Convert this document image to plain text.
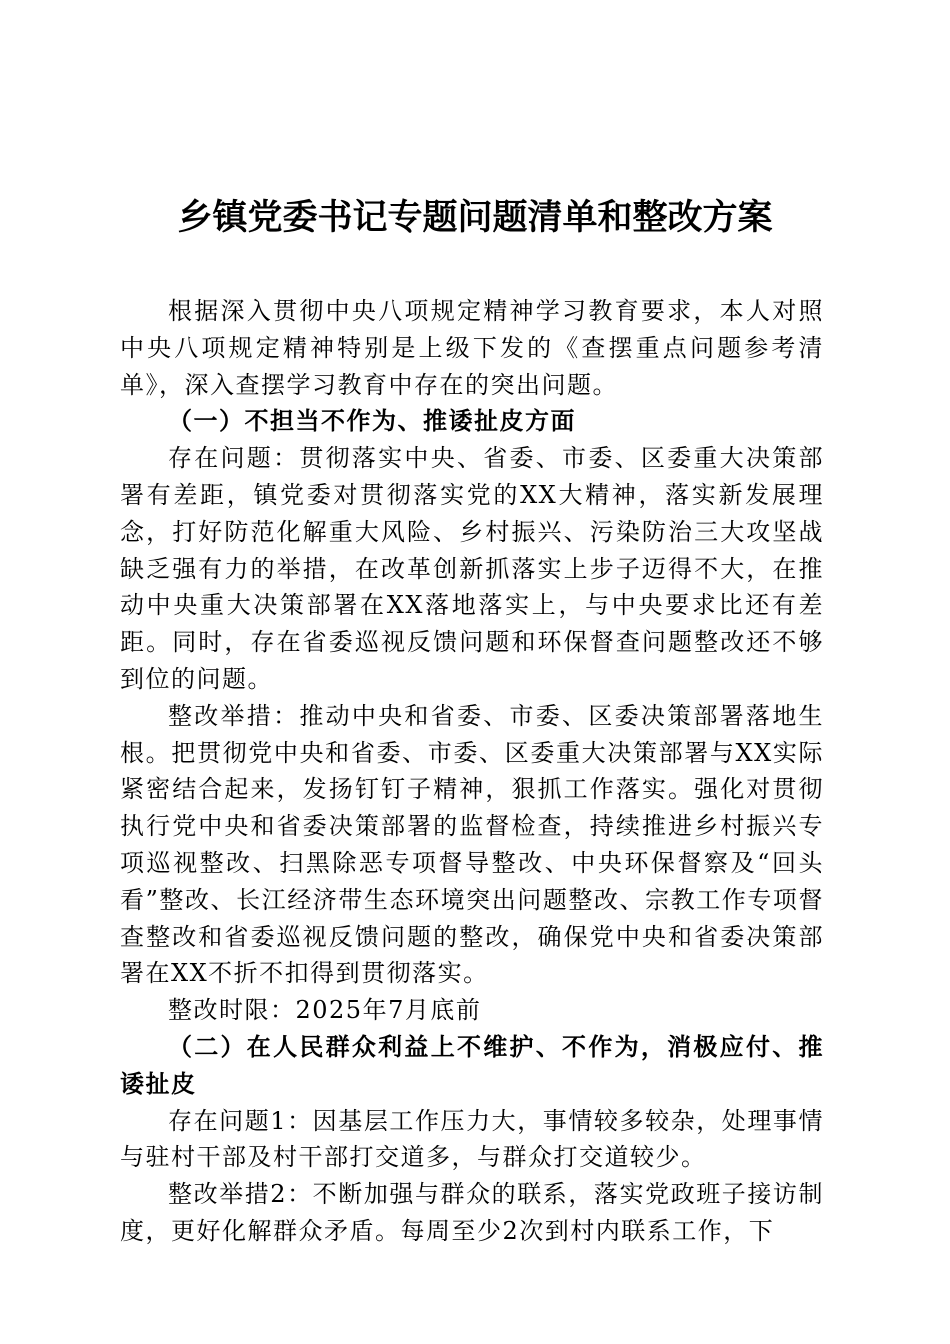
乡镇党委书记专题问题清单和整改方案

根据深入贯彻中央八项规定精神学习教育要求，本人对照中央八项规定精神特别是上级下发的《查摆重点问题参考清单》，深入查摆学习教育中存在的突出问题。

（一）不担当不作为、推诿扯皮方面

存在问题：贯彻落实中央、省委、市委、区委重大决策部署有差距，镇党委对贯彻落实党的XX大精神，落实新发展理念，打好防范化解重大风险、乡村振兴、污染防治三大攻坚战缺乏强有力的举措，在改革创新抓落实上步子迈得不大，在推动中央重大决策部署在XX落地落实上，与中央要求比还有差距。同时，存在省委巡视反馈问题和环保督查问题整改还不够到位的问题。

整改举措：推动中央和省委、市委、区委决策部署落地生根。把贯彻党中央和省委、市委、区委重大决策部署与XX实际紧密结合起来，发扬钉钉子精神，狠抓工作落实。强化对贯彻执行党中央和省委决策部署的监督检查，持续推进乡村振兴专项巡视整改、扫黑除恶专项督导整改、中央环保督察及“回头看”整改、长江经济带生态环境突出问题整改、宗教工作专项督查整改和省委巡视反馈问题的整改，确保党中央和省委决策部署在XX不折不扣得到贯彻落实。

整改时限：2025年7月底前

（二）在人民群众利益上不维护、不作为，消极应付、推诿扯皮

存在问题1：因基层工作压力大，事情较多较杂，处理事情与驻村干部及村干部打交道多，与群众打交道较少。

整改举措2：不断加强与群众的联系，落实党政班子接访制度，更好化解群众矛盾。每周至少2次到村内联系工作，下
